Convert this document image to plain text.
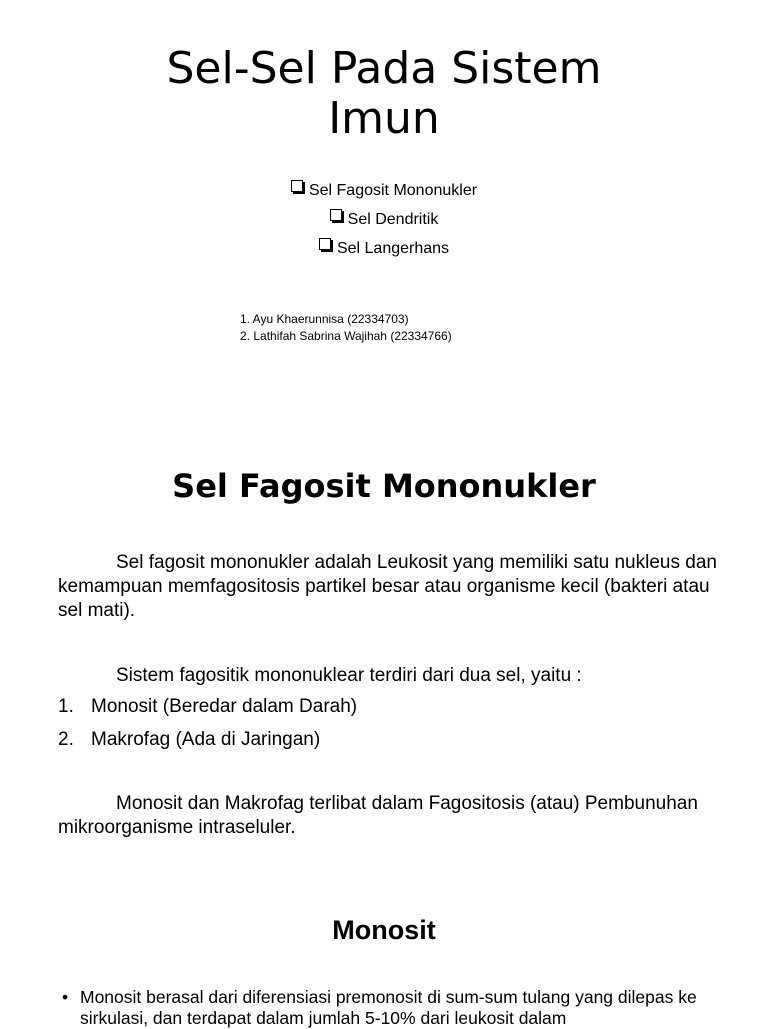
Sel-Sel Pada Sistem
Imun
Sel Fagosit Mononukler
Sel Dendritik
Sel Langerhans
1. Ayu Khaerunnisa (22334703)
2. Lathifah Sabrina Wajihah (22334766)
Sel Fagosit Mononukler
Sel fagosit mononukler adalah Leukosit yang memiliki satu nukleus dan kemampuan memfagositosis partikel besar atau organisme kecil (bakteri atau sel mati).
Sistem fagositik mononuklear terdiri dari dua sel, yaitu :
1. Monosit (Beredar dalam Darah)
2. Makrofag (Ada di Jaringan)
Monosit dan Makrofag terlibat dalam Fagositosis (atau) Pembunuhan mikroorganisme intraseluler.
Monosit
• Monosit berasal dari diferensiasi premonosit di sum-sum tulang yang dilepas ke sirkulasi, dan terdapat dalam jumlah 5-10% dari leukosit dalam
